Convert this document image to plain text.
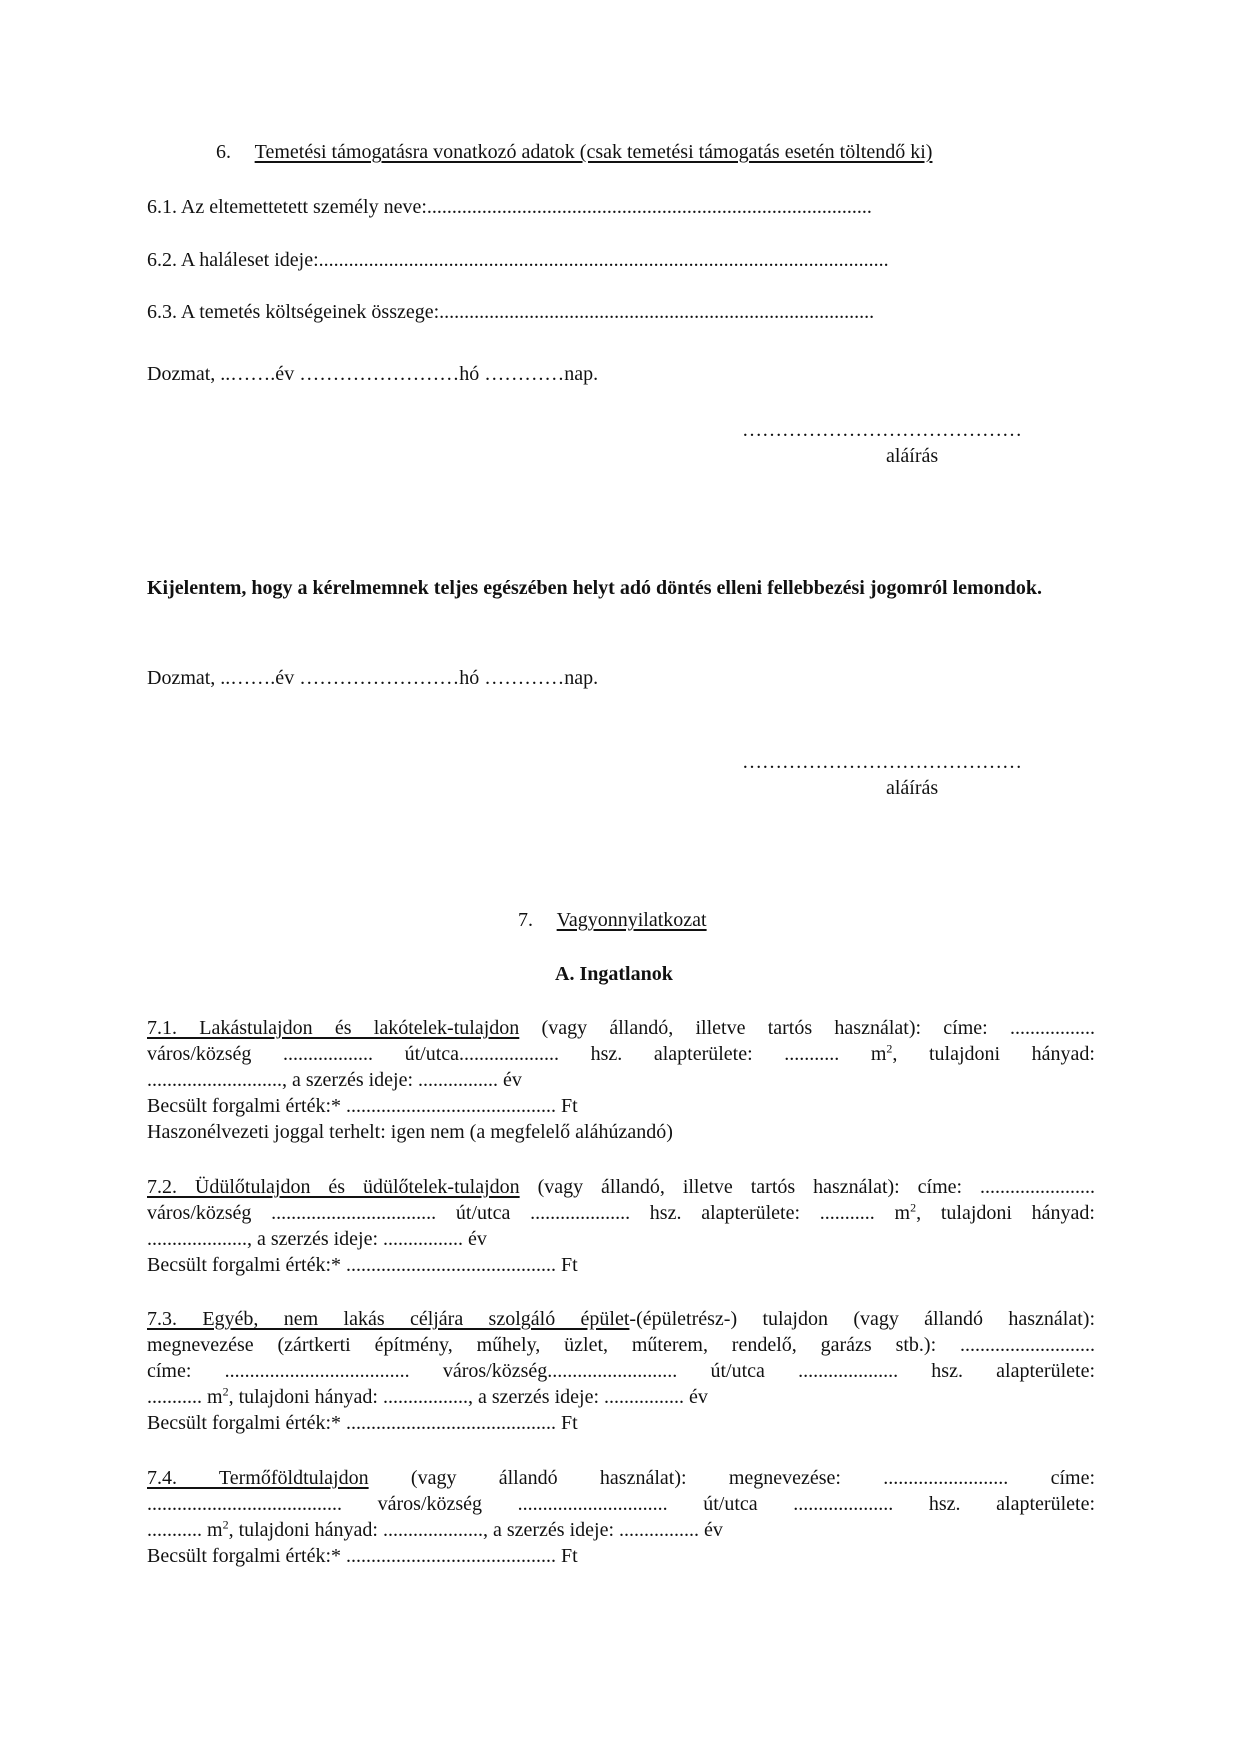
6. Temetési támogatásra vonatkozó adatok (csak temetési támogatás esetén töltendő ki)
6.1. Az eltemettetett személy neve:.........................................................................................
6.2. A haláleset ideje:..................................................................................................................
6.3. A temetés költségeinek összege:.......................................................................................
Dozmat, ..…….év ……………………hó …………nap.
……………………………………
aláírás
Kijelentem, hogy a kérelmemnek teljes egészében helyt adó döntés elleni fellebbezési jogomról lemondok.
Dozmat, ..…….év ……………………hó …………nap.
……………………………………
aláírás
7. Vagyonnyilatkozat
A. Ingatlanok
7.1. Lakástulajdon és lakótelek-tulajdon (vagy állandó, illetve tartós használat): címe: .................
város/község .................. út/utca.................... hsz. alapterülete: ........... $m^2$, tulajdoni hányad:
..........................., a szerzés ideje: ................ év
Becsült forgalmi érték:* .......................................... Ft
Haszonélvezeti joggal terhelt: igen nem (a megfelelő aláhúzandó)
7.2. Üdülőtulajdon és üdülőtelek-tulajdon (vagy állandó, illetve tartós használat): címe: .......................
város/község ................................. út/utca .................... hsz. alapterülete: ........... $m^2$, tulajdoni hányad:
...................., a szerzés ideje: ................ év
Becsült forgalmi érték:* .......................................... Ft
7.3. Egyéb, nem lakás céljára szolgáló épület-(épületrész-) tulajdon (vagy állandó használat):
megnevezése (zártkerti építmény, műhely, üzlet, műterem, rendelő, garázs stb.): ...........................
címe: ..................................... város/község.......................... út/utca .................... hsz. alapterülete:
........... $m^2$, tulajdoni hányad: ................., a szerzés ideje: ................ év
Becsült forgalmi érték:* .......................................... Ft
7.4. Termőföldtulajdon (vagy állandó használat): megnevezése: ......................... címe:
....................................... város/község .............................. út/utca .................... hsz. alapterülete:
........... $m^2$, tulajdoni hányad: ...................., a szerzés ideje: ................ év
Becsült forgalmi érték:* .......................................... Ft
